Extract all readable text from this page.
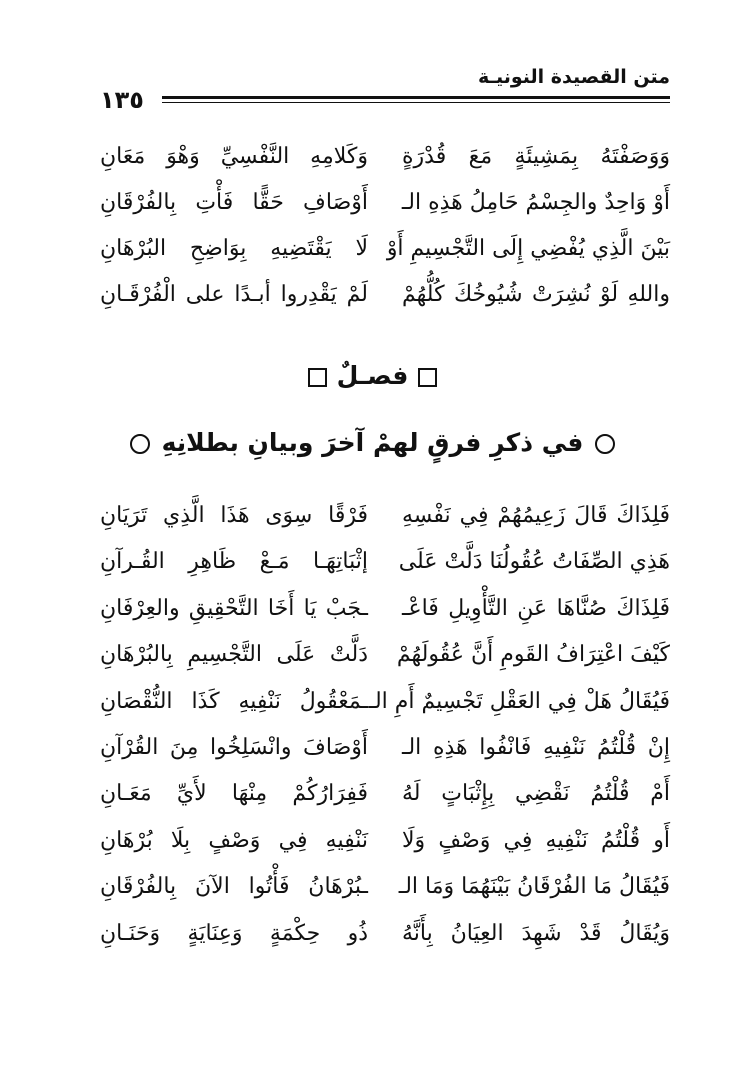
متن القصيدة النونيـة
١٣٥
وَوَصَفْتَهُ بِمَشِيئَةٍ مَعَ قُدْرَةٍ
وَكَلامِهِ النَّفْسِيِّ وَهْوَ مَعَانِ
أَوْ وَاحِدٌ والجِسْمُ حَامِلُ هَذِهِ الـ
أَوْصَافِ حَقًّا فَأْتِ بِالفُرْقَانِ
بَيْنَ الَّذِي يُفْضِي إِلَى التَّجْسِيمِ أَوْ
لَا يَقْتَضِيهِ بِوَاضِحِ البُرْهَانِ
واللهِ لَوْ نُشِرَتْ شُيُوخُكَ كُلُّهُمْ
لَمْ يَقْدِروا أبـدًا على الْفُرْقَـانِ
فصـلٌ
في ذكرِ فرقٍ لهمْ آخرَ وبيانِ بطلانِهِ
فَلِذَاكَ قَالَ زَعِيمُهُمْ فِي نَفْسِهِ
فَرْقًا سِوَى هَذَا الَّذِي تَرَيَانِ
هَذِي الصِّفَاتُ عُقُولُنَا دَلَّتْ عَلَى
إثْبَاتِهَـا مَـعْ ظَاهِرِ القُـرآنِ
فَلِذَاكَ صُنَّاهَا عَنِ التَّأْوِيلِ فَاعْـ
ـجَبْ يَا أَخَا التَّحْقِيقِ والعِرْفَانِ
كَيْفَ اعْتِرَافُ القَومِ أَنَّ عُقُولَهُمْ
دَلَّتْ عَلَى التَّجْسِيمِ بِالبُرْهَانِ
فَيُقَالُ هَلْ فِي العَقْلِ تَجْسِيمٌ أَمِ الـ
ـمَعْقُولُ نَنْفِيهِ كَذَا النُّقْصَانِ
إِنْ قُلْتُمُ نَنْفِيهِ فَانْفُوا هَذِهِ الـ
أَوْصَافَ وانْسَلِخُوا مِنَ القُرْآنِ
أَمْ قُلْتُمُ نَقْضِي بِإِثْبَاتٍ لَهُ
فَفِرَارُكُمْ مِنْهَا لأَيِّ مَعَـانِ
أَو قُلْتُمُ نَنْفِيهِ فِي وَصْفٍ وَلَا
نَنْفِيهِ فِي وَصْفٍ بِلَا بُرْهَانِ
فَيُقَالُ مَا الفُرْقَانُ بَيْنَهُمَا وَمَا الـ
ـبُرْهَانُ فَأْتُوا الآنَ بِالفُرْقَانِ
وَيُقَالُ قَدْ شَهِدَ العِيَانُ بِأَنَّهُ
ذُو حِكْمَةٍ وَعِنَايَةٍ وَحَنَـانِ
